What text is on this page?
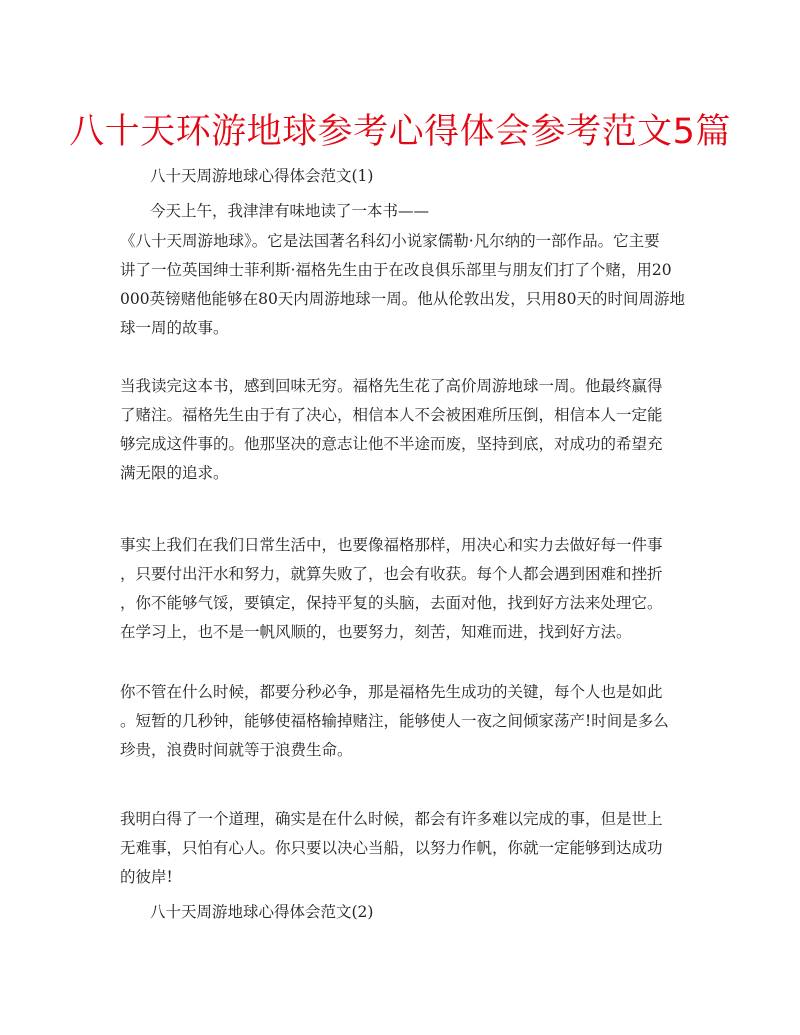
八十天环游地球参考心得体会参考范文5篇

八十天周游地球心得体会范文(1)

今天上午，我津津有味地读了一本书——

《八十天周游地球》。它是法国著名科幻小说家儒勒·凡尔纳的一部作品。它主要

讲了一位英国绅士菲利斯·福格先生由于在改良俱乐部里与朋友们打了个赌，用20

000英镑赌他能够在80天内周游地球一周。他从伦敦出发，只用80天的时间周游地

球一周的故事。

当我读完这本书，感到回味无穷。福格先生花了高价周游地球一周。他最终赢得

了赌注。福格先生由于有了决心，相信本人不会被困难所压倒，相信本人一定能

够完成这件事的。他那坚决的意志让他不半途而废，坚持到底，对成功的希望充

满无限的追求。

事实上我们在我们日常生活中，也要像福格那样，用决心和实力去做好每一件事

，只要付出汗水和努力，就算失败了，也会有收获。每个人都会遇到困难和挫折

，你不能够气馁，要镇定，保持平复的头脑，去面对他，找到好方法来处理它。

在学习上，也不是一帆风顺的，也要努力，刻苦，知难而进，找到好方法。

你不管在什么时候，都要分秒必争，那是福格先生成功的关键，每个人也是如此

。短暂的几秒钟，能够使福格输掉赌注，能够使人一夜之间倾家荡产!时间是多么

珍贵，浪费时间就等于浪费生命。

我明白得了一个道理，确实是在什么时候，都会有许多难以完成的事，但是世上

无难事，只怕有心人。你只要以决心当船，以努力作帆，你就一定能够到达成功

的彼岸!

八十天周游地球心得体会范文(2)
